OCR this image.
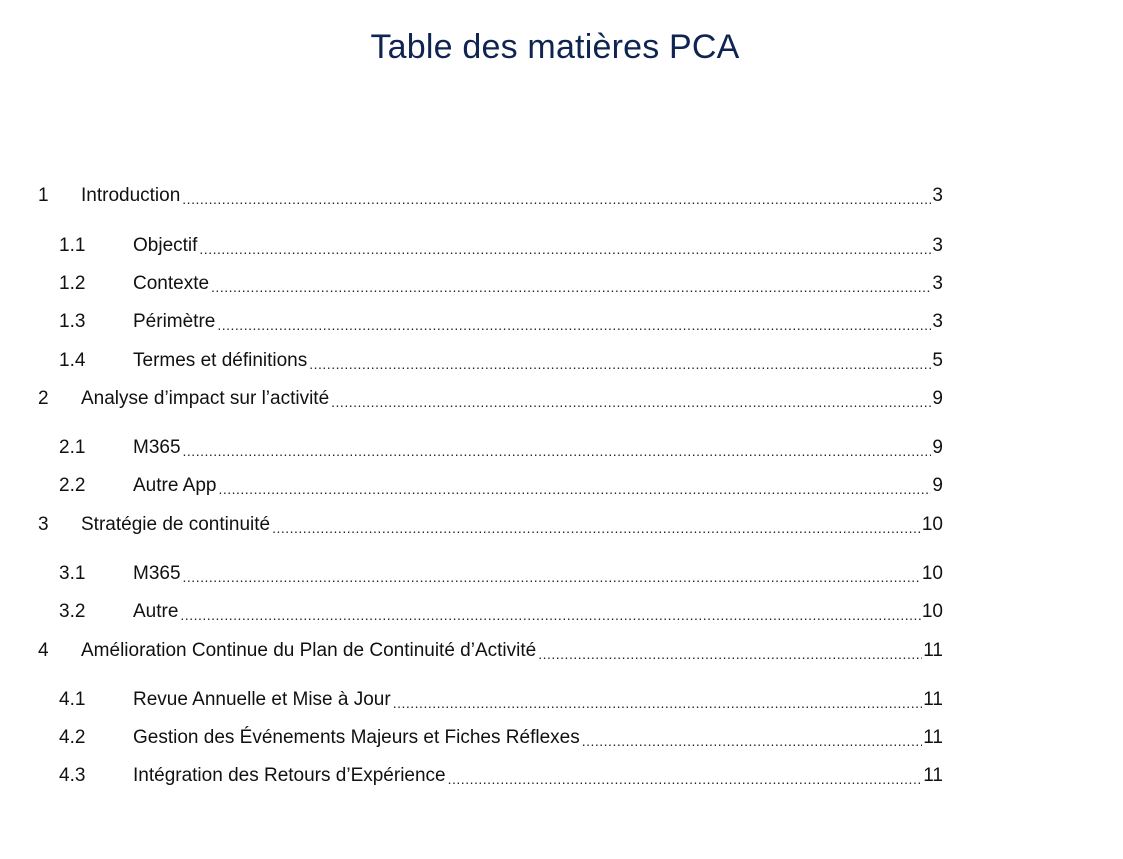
Table des matières PCA
1	Introduction .....	3
1.1	Objectif .....	3
1.2	Contexte .....	3
1.3	Périmètre .....	3
1.4	Termes et définitions .....	5
2	Analyse d’impact sur l’activité .....	9
2.1	M365 .....	9
2.2	Autre App .....	9
3	Stratégie de continuité .....	10
3.1	M365 .....	10
3.2	Autre .....	10
4	Amélioration Continue du Plan de Continuité d’Activité .....	11
4.1	Revue Annuelle et Mise à Jour .....	11
4.2	Gestion des Événements Majeurs et Fiches Réflexes .....	11
4.3	Intégration des Retours d’Expérience .....	11
